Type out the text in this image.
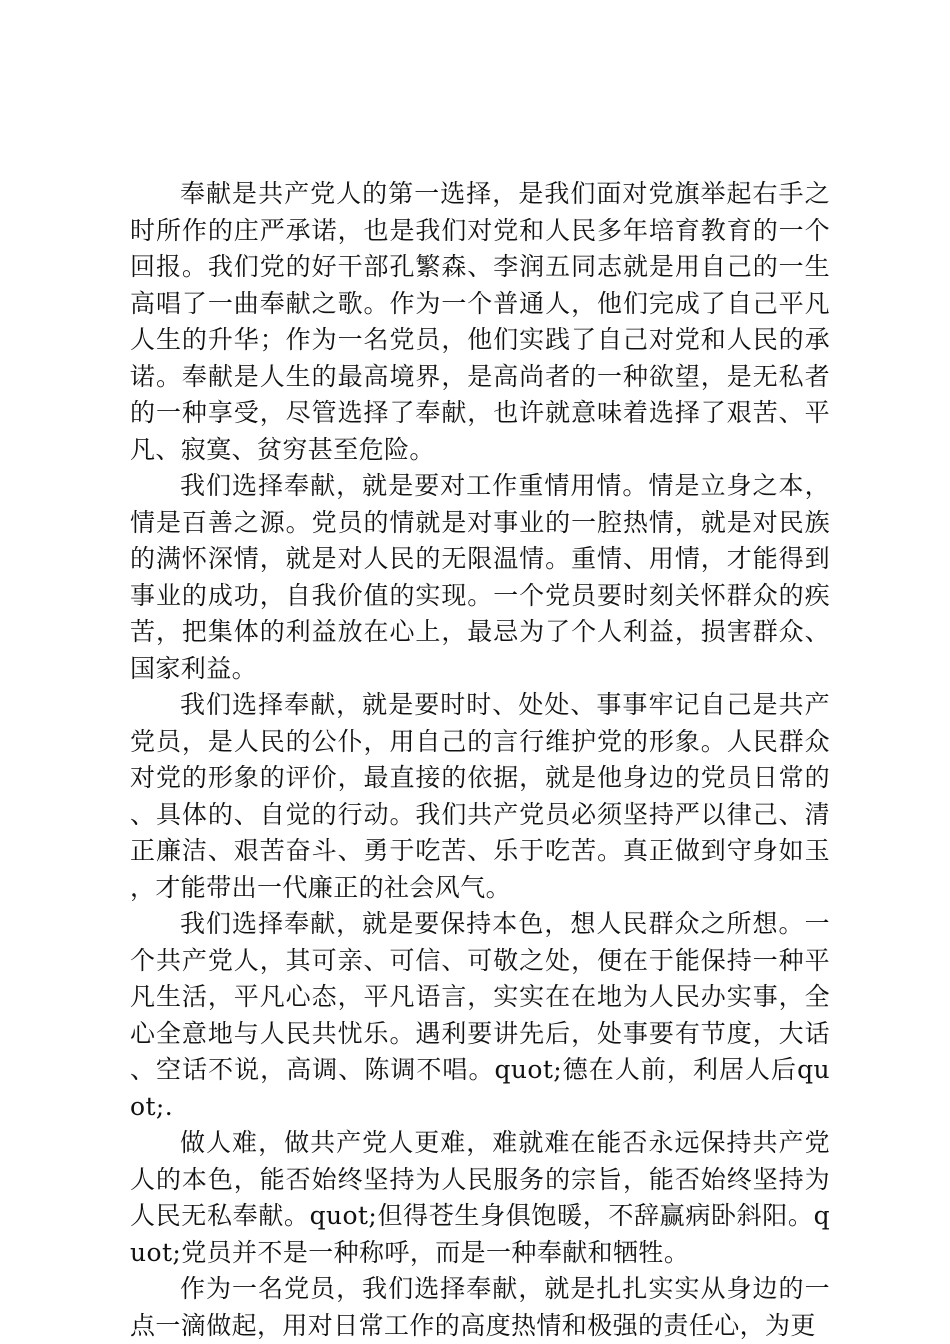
奉献是共产党人的第一选择，是我们面对党旗举起右手之时所作的庄严承诺，也是我们对党和人民多年培育教育的一个回报。我们党的好干部孔繁森、李润五同志就是用自己的一生高唱了一曲奉献之歌。作为一个普通人，他们完成了自己平凡人生的升华；作为一名党员，他们实践了自己对党和人民的承诺。奉献是人生的最高境界，是高尚者的一种欲望，是无私者的一种享受，尽管选择了奉献，也许就意味着选择了艰苦、平凡、寂寞、贫穷甚至危险。

我们选择奉献，就是要对工作重情用情。情是立身之本，情是百善之源。党员的情就是对事业的一腔热情，就是对民族的满怀深情，就是对人民的无限温情。重情、用情，才能得到事业的成功，自我价值的实现。一个党员要时刻关怀群众的疾苦，把集体的利益放在心上，最忌为了个人利益，损害群众、国家利益。

我们选择奉献，就是要时时、处处、事事牢记自己是共产党员，是人民的公仆，用自己的言行维护党的形象。人民群众对党的形象的评价，最直接的依据，就是他身边的党员日常的、具体的、自觉的行动。我们共产党员必须坚持严以律己、清正廉洁、艰苦奋斗、勇于吃苦、乐于吃苦。真正做到守身如玉，才能带出一代廉正的社会风气。

我们选择奉献，就是要保持本色，想人民群众之所想。一个共产党人，其可亲、可信、可敬之处，便在于能保持一种平凡生活，平凡心态，平凡语言，实实在在地为人民办实事，全心全意地与人民共忧乐。遇利要讲先后，处事要有节度，大话、空话不说，高调、陈调不唱。quot;德在人前，利居人后quot;.

做人难，做共产党人更难，难就难在能否永远保持共产党人的本色，能否始终坚持为人民服务的宗旨，能否始终坚持为人民无私奉献。quot;但得苍生身俱饱暖，不辞赢病卧斜阳。quot;党员并不是一种称呼，而是一种奉献和牺牲。

作为一名党员，我们选择奉献，就是扎扎实实从身边的一点一滴做起，用对日常工作的高度热情和极强的责任心，为更
